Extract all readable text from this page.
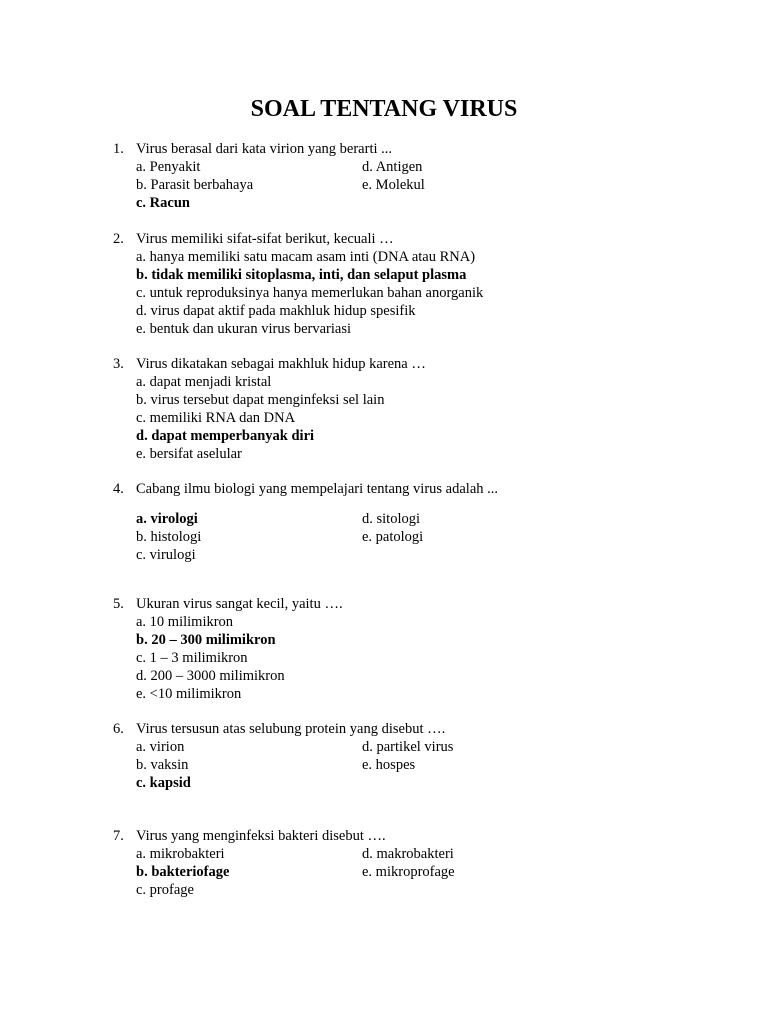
SOAL TENTANG VIRUS
1. Virus berasal dari kata virion yang berarti ...
a. Penyakit	d. Antigen
b. Parasit berbahaya	e. Molekul
c. Racun
2. Virus memiliki sifat-sifat berikut, kecuali …
a. hanya memiliki satu macam asam inti (DNA atau RNA)
b. tidak memiliki sitoplasma, inti, dan selaput plasma
c. untuk reproduksinya hanya memerlukan bahan anorganik
d. virus dapat aktif pada makhluk hidup spesifik
e. bentuk dan ukuran virus bervariasi
3. Virus dikatakan sebagai makhluk hidup karena …
a. dapat menjadi kristal
b. virus tersebut dapat menginfeksi sel lain
c. memiliki RNA dan DNA
d. dapat memperbanyak diri
e. bersifat aselular
4. Cabang ilmu biologi yang mempelajari tentang virus adalah ...
a. virologi	d. sitologi
b. histologi	e. patologi
c. virulogi
5. Ukuran virus sangat kecil, yaitu ….
a. 10 milimikron
b. 20 – 300 milimikron
c. 1 – 3 milimikron
d. 200 – 3000 milimikron
e. <10 milimikron
6. Virus tersusun atas selubung protein yang disebut ….
a. virion	d. partikel virus
b. vaksin	e. hospes
c. kapsid
7. Virus yang menginfeksi bakteri disebut ….
a. mikrobakteri	d. makrobakteri
b. bakteriofage	e. mikroprofage
c. profage
